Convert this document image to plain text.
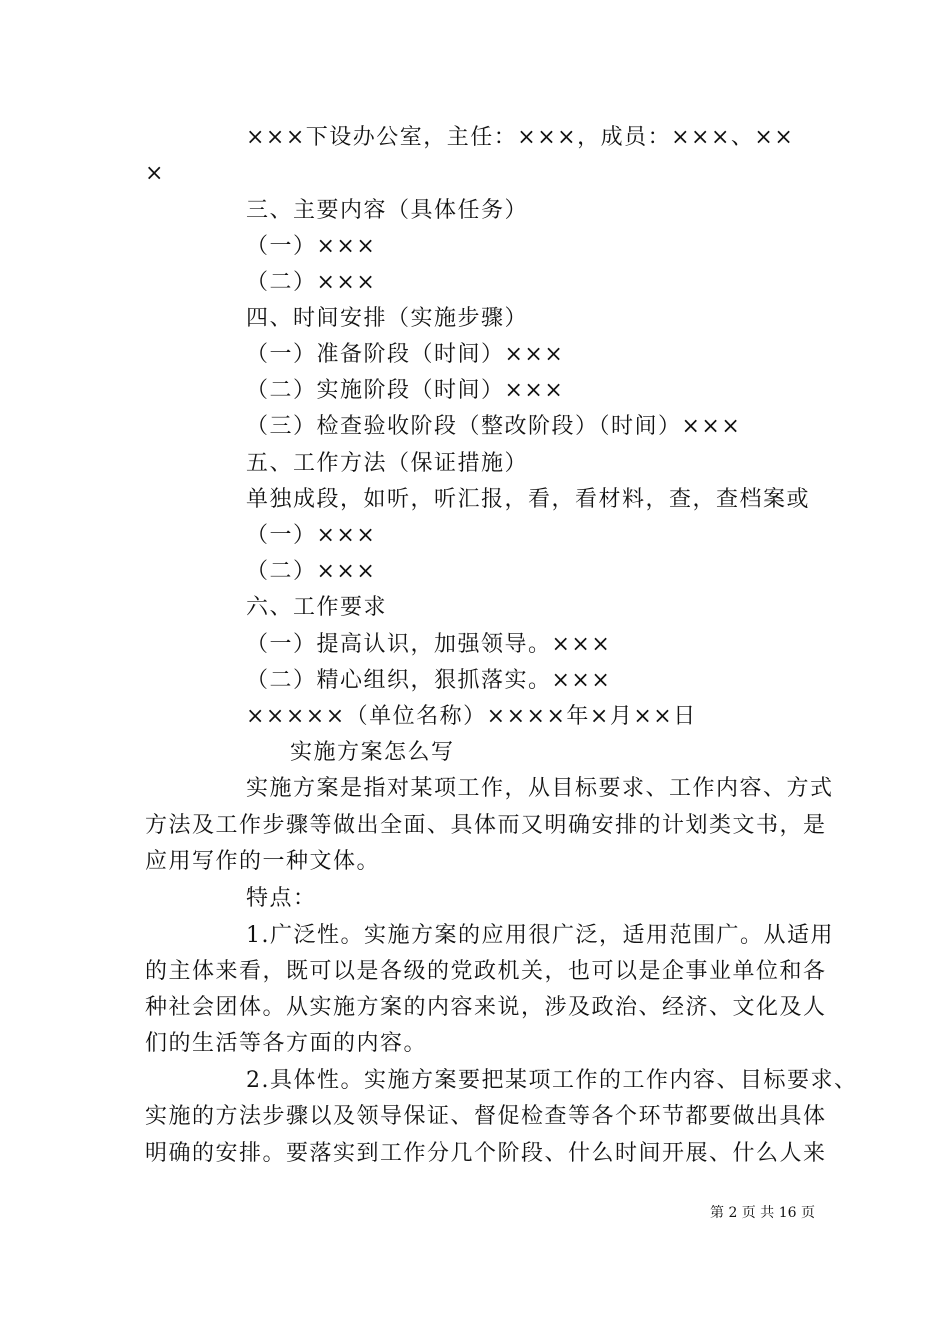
×××下设办公室，主任：×××，成员：×××、××
×
三、主要内容（具体任务）
（一）×××
（二）×××
四、时间安排（实施步骤）
（一）准备阶段（时间）×××
（二）实施阶段（时间）×××
（三）检查验收阶段（整改阶段）（时间）×××
五、工作方法（保证措施）
单独成段，如听，听汇报，看，看材料，查，查档案或
（一）×××
（二）×××
六、工作要求
（一）提高认识，加强领导。×××
（二）精心组织，狠抓落实。×××
×××××（单位名称）××××年×月××日
实施方案怎么写
实施方案是指对某项工作，从目标要求、工作内容、方式
方法及工作步骤等做出全面、具体而又明确安排的计划类文书，是
应用写作的一种文体。
特点：
1.广泛性。实施方案的应用很广泛，适用范围广。从适用
的主体来看，既可以是各级的党政机关，也可以是企事业单位和各
种社会团体。从实施方案的内容来说，涉及政治、经济、文化及人
们的生活等各方面的内容。
2.具体性。实施方案要把某项工作的工作内容、目标要求、
实施的方法步骤以及领导保证、督促检查等各个环节都要做出具体
明确的安排。要落实到工作分几个阶段、什么时间开展、什么人来
第 2 页 共 16 页
